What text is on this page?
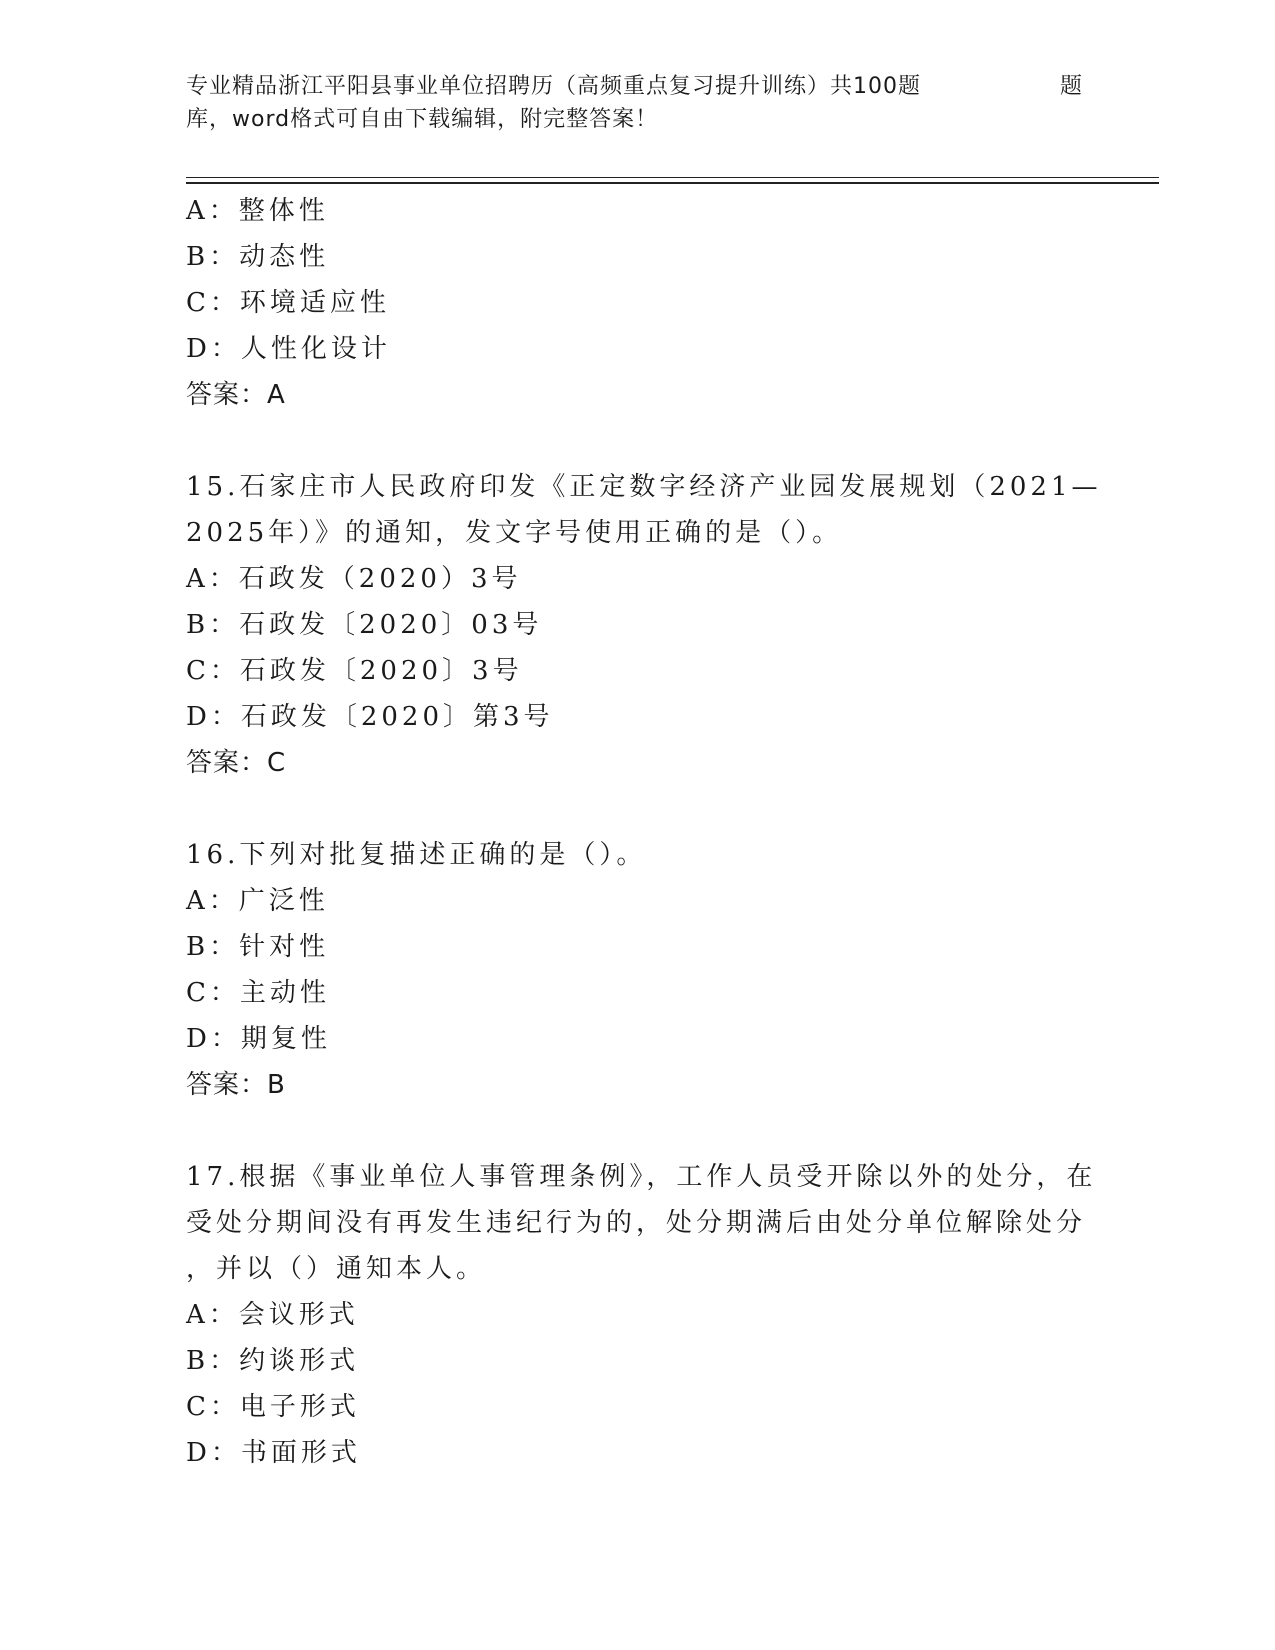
专业精品浙江平阳县事业单位招聘历（高频重点复习提升训练）共100题	题
库，word格式可自由下载编辑，附完整答案！
A：整体性
B：动态性
C：环境适应性
D：人性化设计
答案：A
15.石家庄市人民政府印发《正定数字经济产业园发展规划（2021—
2025年）》的通知，发文字号使用正确的是（）。
A：石政发（2020）3号
B：石政发〔2020〕03号
C：石政发〔2020〕3号
D：石政发〔2020〕第3号
答案：C
16.下列对批复描述正确的是（）。
A：广泛性
B：针对性
C：主动性
D：期复性
答案：B
17.根据《事业单位人事管理条例》，工作人员受开除以外的处分，在
受处分期间没有再发生违纪行为的，处分期满后由处分单位解除处分
，并以（）通知本人。
A：会议形式
B：约谈形式
C：电子形式
D：书面形式
